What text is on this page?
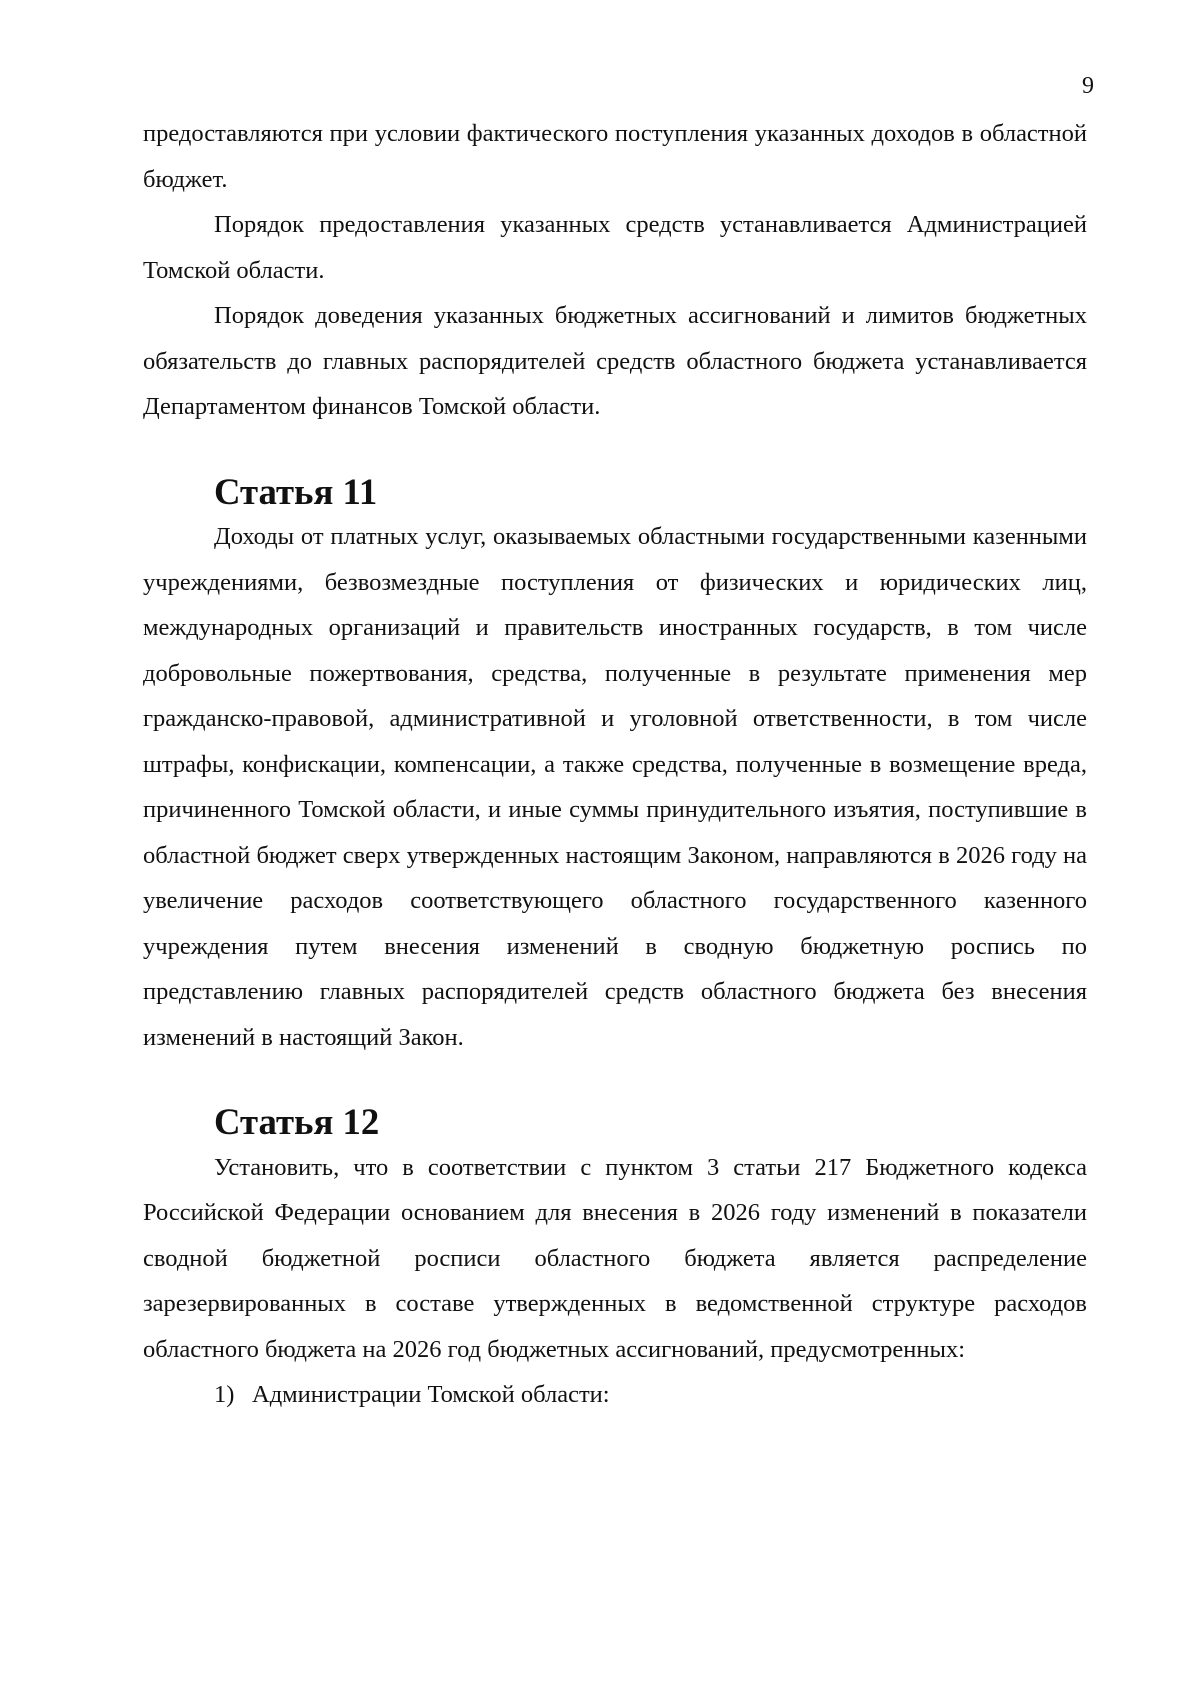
9

предоставляются при условии фактического поступления указанных доходов в областной бюджет.

Порядок предоставления указанных средств устанавливается Администрацией Томской области.

Порядок доведения указанных бюджетных ассигнований и лимитов бюджетных обязательств до главных распорядителей средств областного бюджета устанавливается Департаментом финансов Томской области.

Статья 11

Доходы от платных услуг, оказываемых областными государственными казенными учреждениями, безвозмездные поступления от физических и юридических лиц, международных организаций и правительств иностранных государств, в том числе добровольные пожертвования, средства, полученные в результате применения мер гражданско-правовой, административной и уголовной ответственности, в том числе штрафы, конфискации, компенсации, а также средства, полученные в возмещение вреда, причиненного Томской области, и иные суммы принудительного изъятия, поступившие в областной бюджет сверх утвержденных настоящим Законом, направляются в 2026 году на увеличение расходов соответствующего областного государственного казенного учреждения путем внесения изменений в сводную бюджетную роспись по представлению главных распорядителей средств областного бюджета без внесения изменений в настоящий Закон.

Статья 12

Установить, что в соответствии с пунктом 3 статьи 217 Бюджетного кодекса Российской Федерации основанием для внесения в 2026 году изменений в показатели сводной бюджетной росписи областного бюджета является распределение зарезервированных в составе утвержденных в ведомственной структуре расходов областного бюджета на 2026 год бюджетных ассигнований, предусмотренных:

1) Администрации Томской области:
